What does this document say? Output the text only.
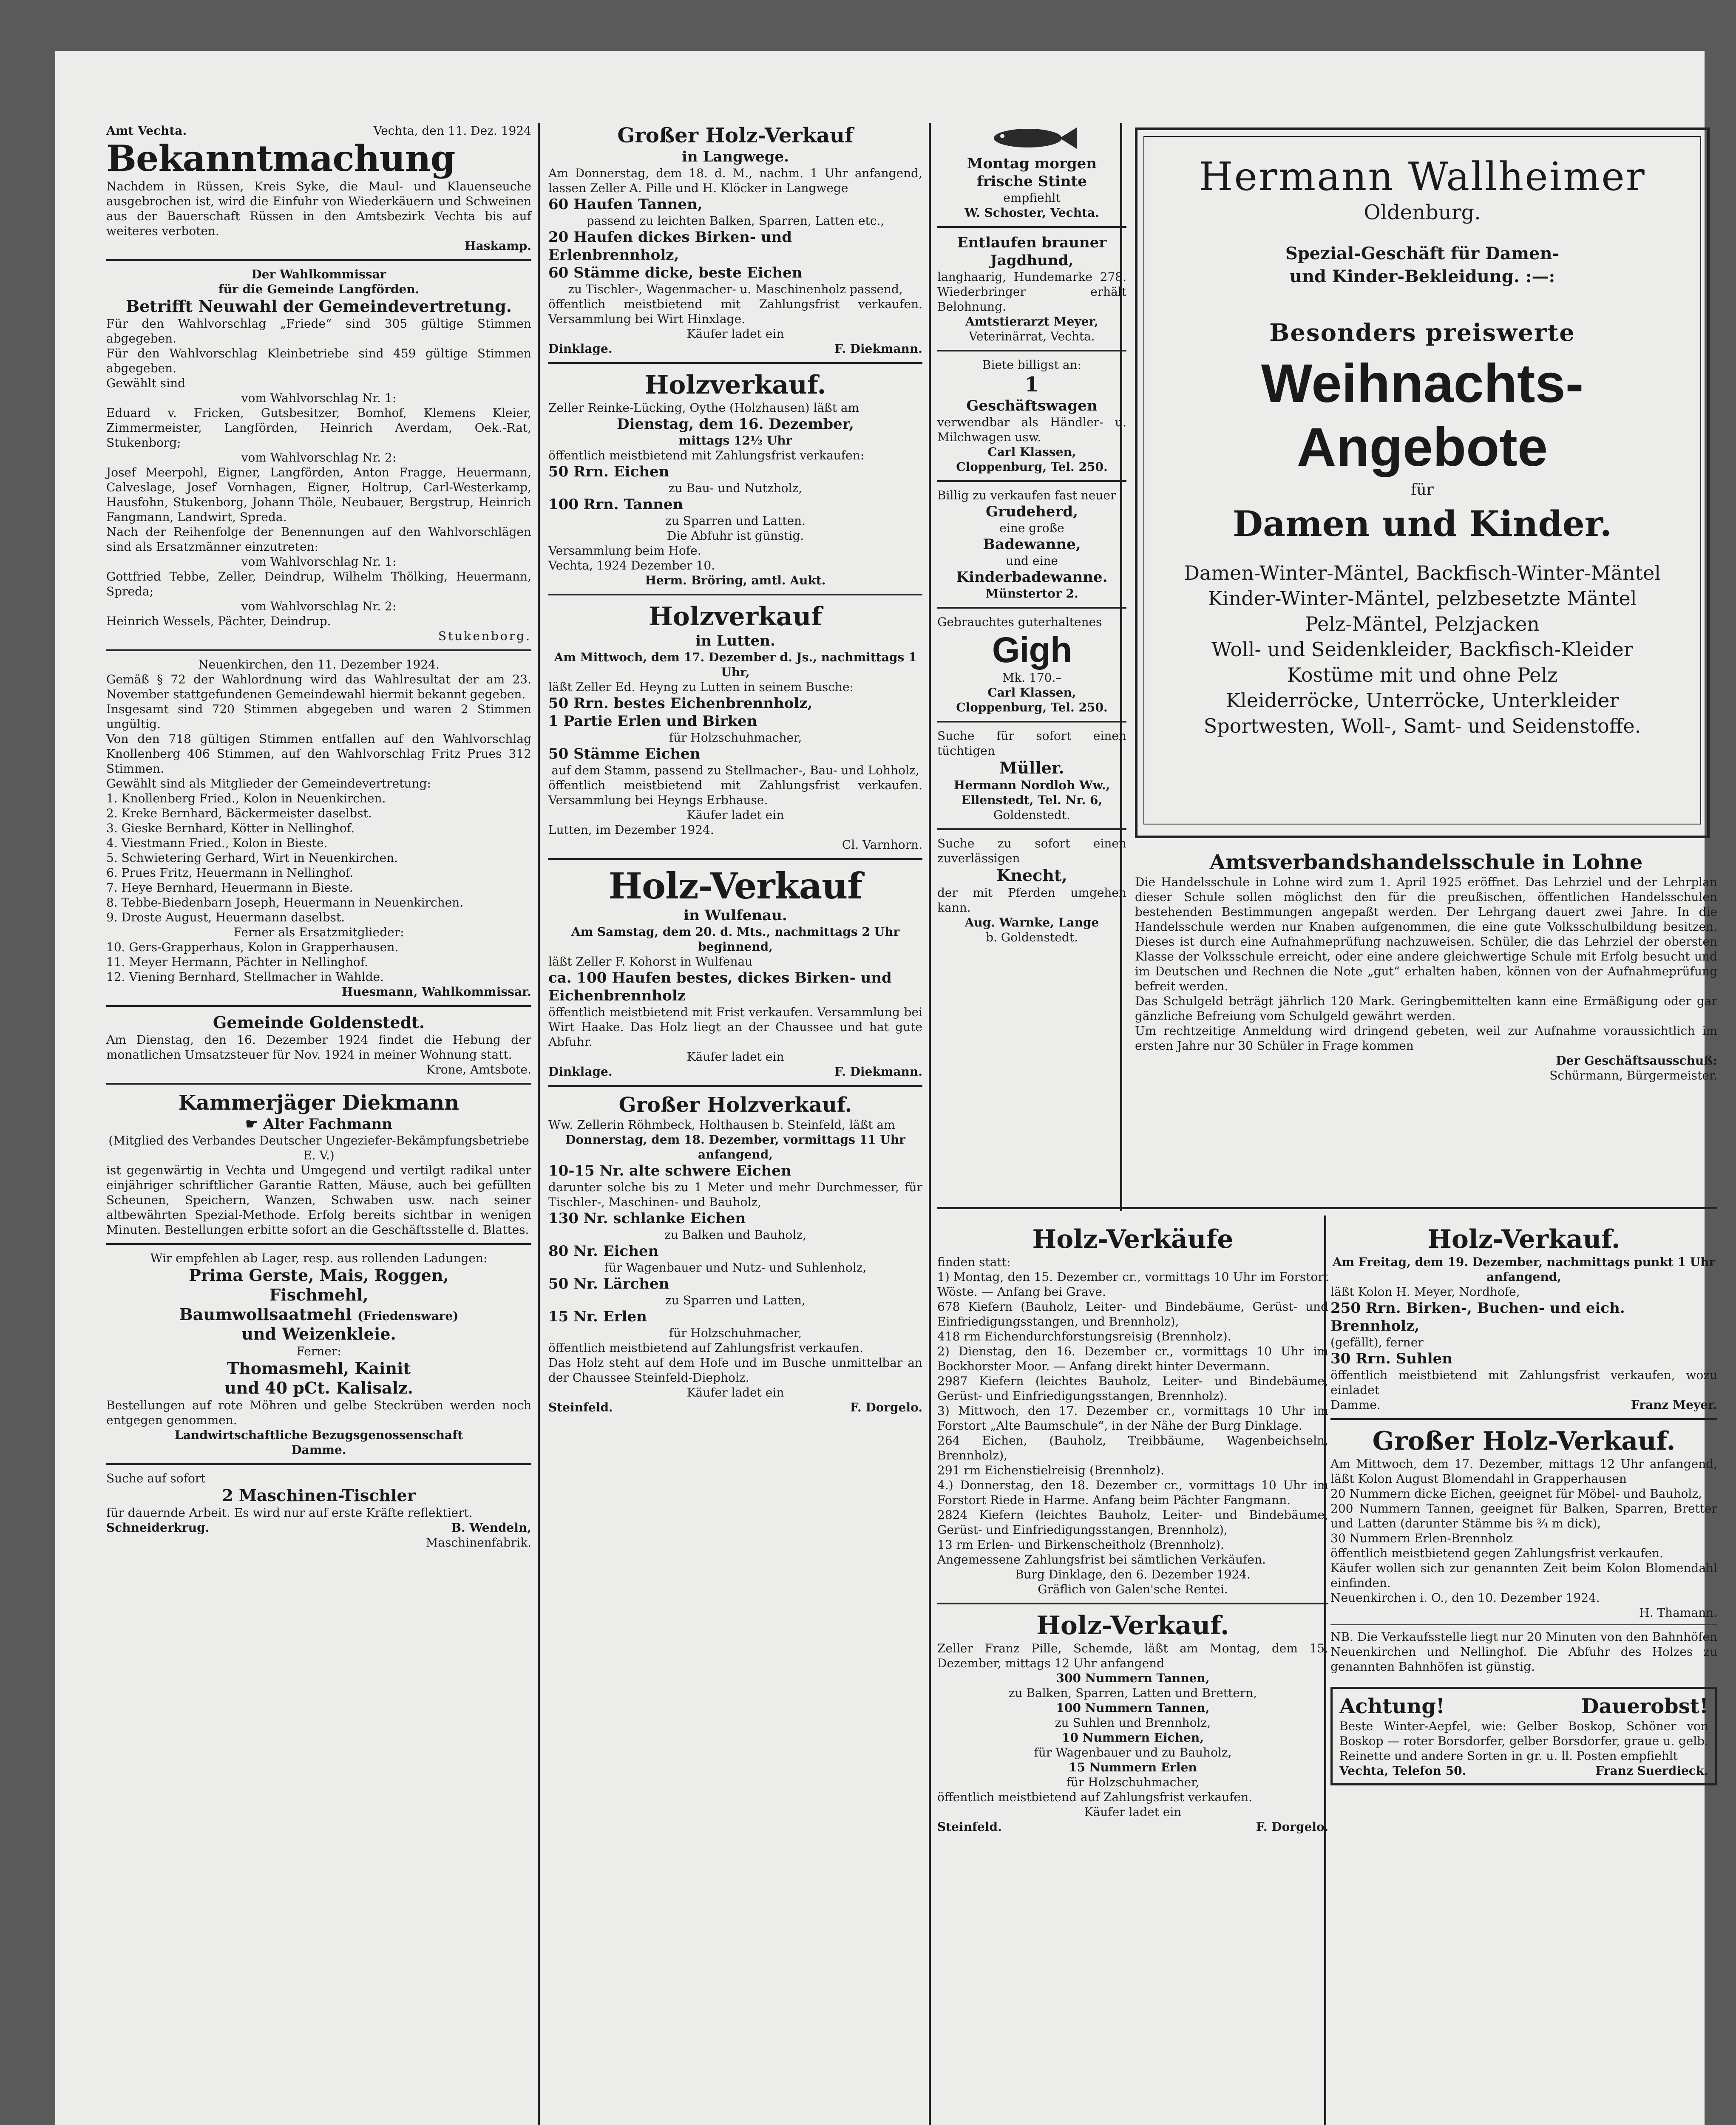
Amt Vechta.	Vechta, den 11. Dez. 1924
Bekanntmachung

Nachdem in Rüssen, Kreis Syke, die Maul- und Klauenseuche ausgebrochen ist, wird die Einfuhr von Wiederkäuern und Schweinen aus der Bauerschaft Rüssen in den Amtsbezirk Vechta bis auf weiteres verboten.

Haskamp.

Der Wahlkommissar

für die Gemeinde Langförden.

Betrifft Neuwahl der Gemeindevertretung.

Für den Wahlvorschlag „Friede“ sind 305 gültige Stimmen abgegeben.

Für den Wahlvorschlag Kleinbetriebe sind 459 gültige Stimmen abgegeben.

Gewählt sind

vom Wahlvorschlag Nr. 1:

Eduard v. Fricken, Gutsbesitzer, Bomhof, Klemens Kleier, Zimmermeister, Langförden, Heinrich Averdam, Oek.-Rat, Stukenborg;

vom Wahlvorschlag Nr. 2:

Josef Meerpohl, Eigner, Langförden, Anton Fragge, Heuermann, Calveslage, Josef Vornhagen, Eigner, Holtrup, Carl-Westerkamp, Hausfohn, Stukenborg, Johann Thöle, Neubauer, Bergstrup, Heinrich Fangmann, Landwirt, Spreda.

Nach der Reihenfolge der Benennungen auf den Wahlvorschlägen sind als Ersatzmänner einzutreten:

vom Wahlvorschlag Nr. 1:

Gottfried Tebbe, Zeller, Deindrup, Wilhelm Thölking, Heuermann, Spreda;

vom Wahlvorschlag Nr. 2:

Heinrich Wessels, Pächter, Deindrup.

Stukenborg.

Neuenkirchen, den 11. Dezember 1924.

Gemäß § 72 der Wahlordnung wird das Wahlresultat der am 23. November stattgefundenen Gemeindewahl hiermit bekannt gegeben.

Insgesamt sind 720 Stimmen abgegeben und waren 2 Stimmen ungültig.

Von den 718 gültigen Stimmen entfallen auf den Wahlvorschlag Knollenberg 406 Stimmen, auf den Wahlvorschlag Fritz Prues 312 Stimmen.

Gewählt sind als Mitglieder der Gemeindevertretung:

1. Knollenberg Fried., Kolon in Neuenkirchen.

2. Kreke Bernhard, Bäckermeister daselbst.

3. Gieske Bernhard, Kötter in Nellinghof.

4. Viestmann Fried., Kolon in Bieste.

5. Schwietering Gerhard, Wirt in Neuenkirchen.

6. Prues Fritz, Heuermann in Nellinghof.

7. Heye Bernhard, Heuermann in Bieste.

8. Tebbe-Biedenbarn Joseph, Heuermann in Neuenkirchen.

9. Droste August, Heuermann daselbst.

Ferner als Ersatzmitglieder:

10. Gers-Grapperhaus, Kolon in Grapperhausen.

11. Meyer Hermann, Pächter in Nellinghof.

12. Viening Bernhard, Stellmacher in Wahlde.

Huesmann, Wahlkommissar.

Gemeinde Goldenstedt.

Am Dienstag, den 16. Dezember 1924 findet die Hebung der monatlichen Umsatzsteuer für Nov. 1924 in meiner Wohnung statt.

Krone, Amtsbote.

Kammerjäger Diekmann

☛ Alter Fachmann

(Mitglied des Verbandes Deutscher Ungeziefer-Bekämpfungsbetriebe E. V.)

ist gegenwärtig in Vechta und Umgegend und vertilgt radikal unter einjähriger schriftlicher Garantie Ratten, Mäuse, auch bei gefüllten Scheunen, Speichern, Wanzen, Schwaben usw. nach seiner altbewährten Spezial-Methode. Erfolg bereits sichtbar in wenigen Minuten. Bestellungen erbitte sofort an die Geschäftsstelle d. Blattes.

Wir empfehlen ab Lager, resp. aus rollenden Ladungen:

Prima Gerste, Mais, Roggen,
Fischmehl,
Baumwollsaatmehl (Friedensware)
und Weizenkleie.

Ferner:

Thomasmehl, Kainit
und 40 pCt. Kalisalz.

Bestellungen auf rote Möhren und gelbe Steckrüben werden noch entgegen genommen.

Landwirtschaftliche Bezugsgenossenschaft

Damme.

Suche auf sofort

2 Maschinen-Tischler

für dauernde Arbeit. Es wird nur auf erste Kräfte reflektiert.

Schneiderkrug.	B. Wendeln,

Maschinenfabrik.

Großer Holz-Verkauf
in Langwege.

Am Donnerstag, dem 18. d. M., nachm. 1 Uhr anfangend, lassen Zeller A. Pille und H. Klöcker in Langwege

60 Haufen Tannen,

passend zu leichten Balken, Sparren, Latten etc.,

20 Haufen dickes Birken- und Erlenbrennholz,
60 Stämme dicke, beste Eichen

zu Tischler-, Wagenmacher- u. Maschinenholz passend,

öffentlich meistbietend mit Zahlungsfrist verkaufen. Versammlung bei Wirt Hinxlage.

Käufer ladet ein

Dinklage.	F. Diekmann.
Holzverkauf.

Zeller Reinke-Lücking, Oythe (Holzhausen) läßt am

Dienstag, dem 16. Dezember,

mittags 12½ Uhr

öffentlich meistbietend mit Zahlungsfrist verkaufen:

50 Rrn. Eichen

zu Bau- und Nutzholz,

100 Rrn. Tannen

zu Sparren und Latten.

Die Abfuhr ist günstig.

Versammlung beim Hofe.

Vechta, 1924 Dezember 10.

Herm. Bröring, amtl. Aukt.

Holzverkauf
in Lutten.

Am Mittwoch, dem 17. Dezember d. Js., nachmittags 1 Uhr,

läßt Zeller Ed. Heyng zu Lutten in seinem Busche:

50 Rrn. bestes Eichenbrennholz,
1 Partie Erlen und Birken

für Holzschuhmacher,

50 Stämme Eichen

auf dem Stamm, passend zu Stellmacher-, Bau- und Lohholz,

öffentlich meistbietend mit Zahlungsfrist verkaufen. Versammlung bei Heyngs Erbhause.

Käufer ladet ein

Lutten, im Dezember 1924.

Cl. Varnhorn.

Holz-Verkauf
in Wulfenau.

Am Samstag, dem 20. d. Mts., nachmittags 2 Uhr beginnend,

läßt Zeller F. Kohorst in Wulfenau

ca. 100 Haufen bestes, dickes Birken- und Eichenbrennholz

öffentlich meistbietend mit Frist verkaufen. Versammlung bei Wirt Haake. Das Holz liegt an der Chaussee und hat gute Abfuhr.

Käufer ladet ein

Dinklage.	F. Diekmann.
Großer Holzverkauf.

Ww. Zellerin Röhmbeck, Holthausen b. Steinfeld, läßt am

Donnerstag, dem 18. Dezember, vormittags 11 Uhr anfangend,

10-15 Nr. alte schwere Eichen

darunter solche bis zu 1 Meter und mehr Durchmesser, für Tischler-, Maschinen- und Bauholz,

130 Nr. schlanke Eichen

zu Balken und Bauholz,

80 Nr. Eichen

für Wagenbauer und Nutz- und Suhlenholz,

50 Nr. Lärchen

zu Sparren und Latten,

15 Nr. Erlen

für Holzschuhmacher,

öffentlich meistbietend auf Zahlungsfrist verkaufen.

Das Holz steht auf dem Hofe und im Busche unmittelbar an der Chaussee Steinfeld-Diepholz.

Käufer ladet ein

Steinfeld.	F. Dorgelo.

Montag morgen

frische Stinte

empfiehlt

W. Schoster, Vechta.

Entlaufen brauner

Jagdhund,

langhaarig, Hundemarke 278. Wiederbringer erhält Belohnung.

Amtstierarzt Meyer,

Veterinärrat, Vechta.

Biete billigst an:

1

Geschäftswagen

verwendbar als Händler- u. Milchwagen usw.

Carl Klassen,

Cloppenburg, Tel. 250.

Billig zu verkaufen fast neuer

Grudeherd,

eine große

Badewanne,

und eine

Kinderbadewanne.

Münstertor 2.

Gebrauchtes guterhaltenes

Gigh

Mk. 170.–

Carl Klassen,

Cloppenburg, Tel. 250.

Suche für sofort einen tüchtigen

Müller.

Hermann Nordloh Ww.,

Ellenstedt, Tel. Nr. 6,

Goldenstedt.

Suche zu sofort einen zuverlässigen

Knecht,

der mit Pferden umgehen kann.

Aug. Warnke, Lange

b. Goldenstedt.

Hermann Wallheimer

Oldenburg.

Spezial-Geschäft für Damen-

und Kinder-Bekleidung. :—:

Besonders preiswerte

Weihnachts-Angebote

für

Damen und Kinder.

Damen-Winter-Mäntel, Backfisch-Winter-Mäntel

Kinder-Winter-Mäntel, pelzbesetzte Mäntel

Pelz-Mäntel, Pelzjacken

Woll- und Seidenkleider, Backfisch-Kleider

Kostüme mit und ohne Pelz

Kleiderröcke, Unterröcke, Unterkleider

Sportwesten, Woll-, Samt- und Seidenstoffe.

Amtsverbandshandelsschule in Lohne

Die Handelsschule in Lohne wird zum 1. April 1925 eröffnet. Das Lehrziel und der Lehrplan dieser Schule sollen möglichst den für die preußischen, öffentlichen Handelsschulen bestehenden Bestimmungen angepaßt werden. Der Lehrgang dauert zwei Jahre. In die Handelsschule werden nur Knaben aufgenommen, die eine gute Volksschulbildung besitzen. Dieses ist durch eine Aufnahmeprüfung nachzuweisen. Schüler, die das Lehrziel der obersten Klasse der Volksschule erreicht, oder eine andere gleichwertige Schule mit Erfolg besucht und im Deutschen und Rechnen die Note „gut“ erhalten haben, können von der Aufnahmeprüfung befreit werden.

Das Schulgeld beträgt jährlich 120 Mark. Geringbemittelten kann eine Ermäßigung oder gar gänzliche Befreiung vom Schulgeld gewährt werden.

Um rechtzeitige Anmeldung wird dringend gebeten, weil zur Aufnahme voraussichtlich im ersten Jahre nur 30 Schüler in Frage kommen

Der Geschäftsausschuß:

Schürmann, Bürgermeister.

Holz-Verkäufe

finden statt:

1) Montag, den 15. Dezember cr., vormittags 10 Uhr im Forstort Wöste. — Anfang bei Grave.

678 Kiefern (Bauholz, Leiter- und Bindebäume, Gerüst- und Einfriedigungsstangen, und Brennholz),

418 rm Eichendurchforstungsreisig (Brennholz).

2) Dienstag, den 16. Dezember cr., vormittags 10 Uhr im Bockhorster Moor. — Anfang direkt hinter Devermann.

2987 Kiefern (leichtes Bauholz, Leiter- und Bindebäume, Gerüst- und Einfriedigungsstangen, Brennholz).

3) Mittwoch, den 17. Dezember cr., vormittags 10 Uhr im Forstort „Alte Baumschule“, in der Nähe der Burg Dinklage.

264 Eichen, (Bauholz, Treibbäume, Wagenbeichseln, Brennholz),

291 rm Eichenstielreisig (Brennholz).

4.) Donnerstag, den 18. Dezember cr., vormittags 10 Uhr im Forstort Riede in Harme. Anfang beim Pächter Fangmann.

2824 Kiefern (leichtes Bauholz, Leiter- und Bindebäume, Gerüst- und Einfriedigungsstangen, Brennholz),

13 rm Erlen- und Birkenscheitholz (Brennholz).

Angemessene Zahlungsfrist bei sämtlichen Verkäufen.

Burg Dinklage, den 6. Dezember 1924.

Gräflich von Galen'sche Rentei.

Holz-Verkauf.

Zeller Franz Pille, Schemde, läßt am Montag, dem 15. Dezember, mittags 12 Uhr anfangend

300 Nummern Tannen,

zu Balken, Sparren, Latten und Brettern,

100 Nummern Tannen,

zu Suhlen und Brennholz,

10 Nummern Eichen,

für Wagenbauer und zu Bauholz,

15 Nummern Erlen

für Holzschuhmacher,

öffentlich meistbietend auf Zahlungsfrist verkaufen.

Käufer ladet ein

Steinfeld.	F. Dorgelo.

Holz-Verkauf.

Am Freitag, dem 19. Dezember, nachmittags punkt 1 Uhr anfangend,

läßt Kolon H. Meyer, Nordhofe,

250 Rrn. Birken-, Buchen- und eich. Brennholz,

(gefällt), ferner

30 Rrn. Suhlen

öffentlich meistbietend mit Zahlungsfrist verkaufen, wozu einladet

Damme.	Franz Meyer.

Großer Holz-Verkauf.

Am Mittwoch, dem 17. Dezember, mittags 12 Uhr anfangend, läßt Kolon August Blomendahl in Grapperhausen

20 Nummern dicke Eichen, geeignet für Möbel- und Bauholz,

200 Nummern Tannen, geeignet für Balken, Sparren, Bretter und Latten (darunter Stämme bis ¾ m dick),

30 Nummern Erlen-Brennholz

öffentlich meistbietend gegen Zahlungsfrist verkaufen.

Käufer wollen sich zur genannten Zeit beim Kolon Blomendahl einfinden.

Neuenkirchen i. O., den 10. Dezember 1924.

H. Thamann.

NB. Die Verkaufsstelle liegt nur 20 Minuten von den Bahnhöfen Neuenkirchen und Nellinghof. Die Abfuhr des Holzes zu genannten Bahnhöfen ist günstig.

Achtung!	Dauerobst!

Beste Winter-Aepfel, wie: Gelber Boskop, Schöner von Boskop — roter Borsdorfer, gelber Borsdorfer, graue u. gelb. Reinette und andere Sorten in gr. u. ll. Posten empfiehlt

Vechta, Telefon 50.	Franz Suerdieck.
